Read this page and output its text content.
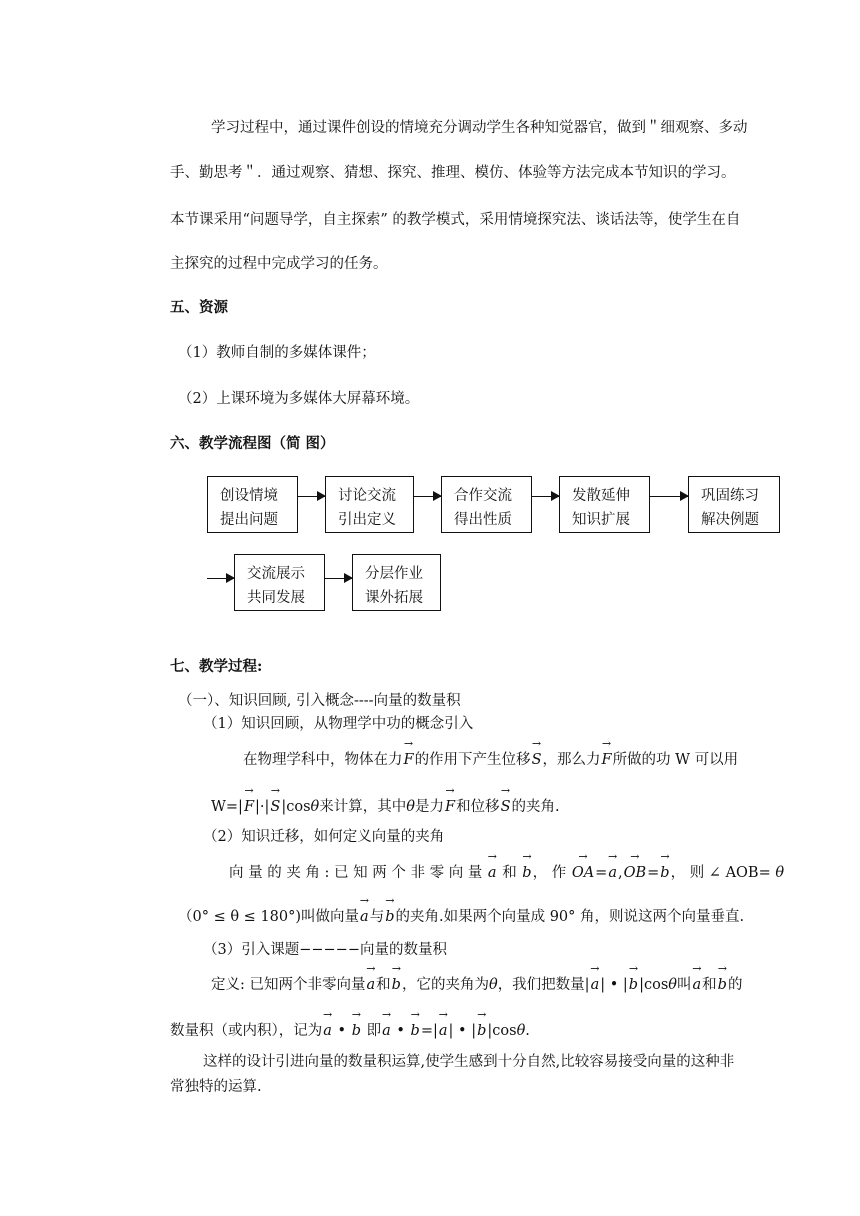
学习过程中，通过课件创设的情境充分调动学生各种知觉器官，做到＂细观察、多动
手、勤思考＂．通过观察、猜想、探究、推理、模仿、体验等方法完成本节知识的学习。
本节课采用“问题导学，自主探索” 的教学模式，采用情境探究法、谈话法等，使学生在自
主探究的过程中完成学习的任务。
五、资源
（1）教师自制的多媒体课件；
（2）上课环境为多媒体大屏幕环境。
六、教学流程图（简 图）
创设情境
提出问题
讨论交流
引出定义
合作交流
得出性质
发散延伸
知识扩展
巩固练习
解决例题
交流展示
共同发展
分层作业
课外拓展
七、教学过程:
（一）、知识回顾, 引入概念----向量的数量积
（1）知识回顾，从物理学中功的概念引入
在物理学科中，物体在力→ F的作用下产生位移→ S，那么力→ F所做的功 W 可以用
W=|→ F|·|→ S|cosθ来计算，其中θ是力→ F和位移→ S的夹角.
（2）知识迁移，如何定义向量的夹角
向 量 的 夹 角 : 已 知 两 个 非 零 向 量 → a 和 → b， 作 → OA=→ a,→ OB=→ b， 则 ∠ AOB= θ
（0° ≤ θ ≤ 180°)叫做向量→ a与→ b的夹角.如果两个向量成 90° 角，则说这两个向量垂直.
（3）引入课题−−−−−向量的数量积
定义: 已知两个非零向量→ a和→ b，它的夹角为θ，我们把数量|→ a| • |→ b|cosθ叫→ a和→ b的
数量积（或内积），记为→ a • → b 即→ a • → b=|→ a| • |→ b|cosθ.
这样的设计引进向量的数量积运算,使学生感到十分自然,比较容易接受向量的这种非
常独特的运算.
